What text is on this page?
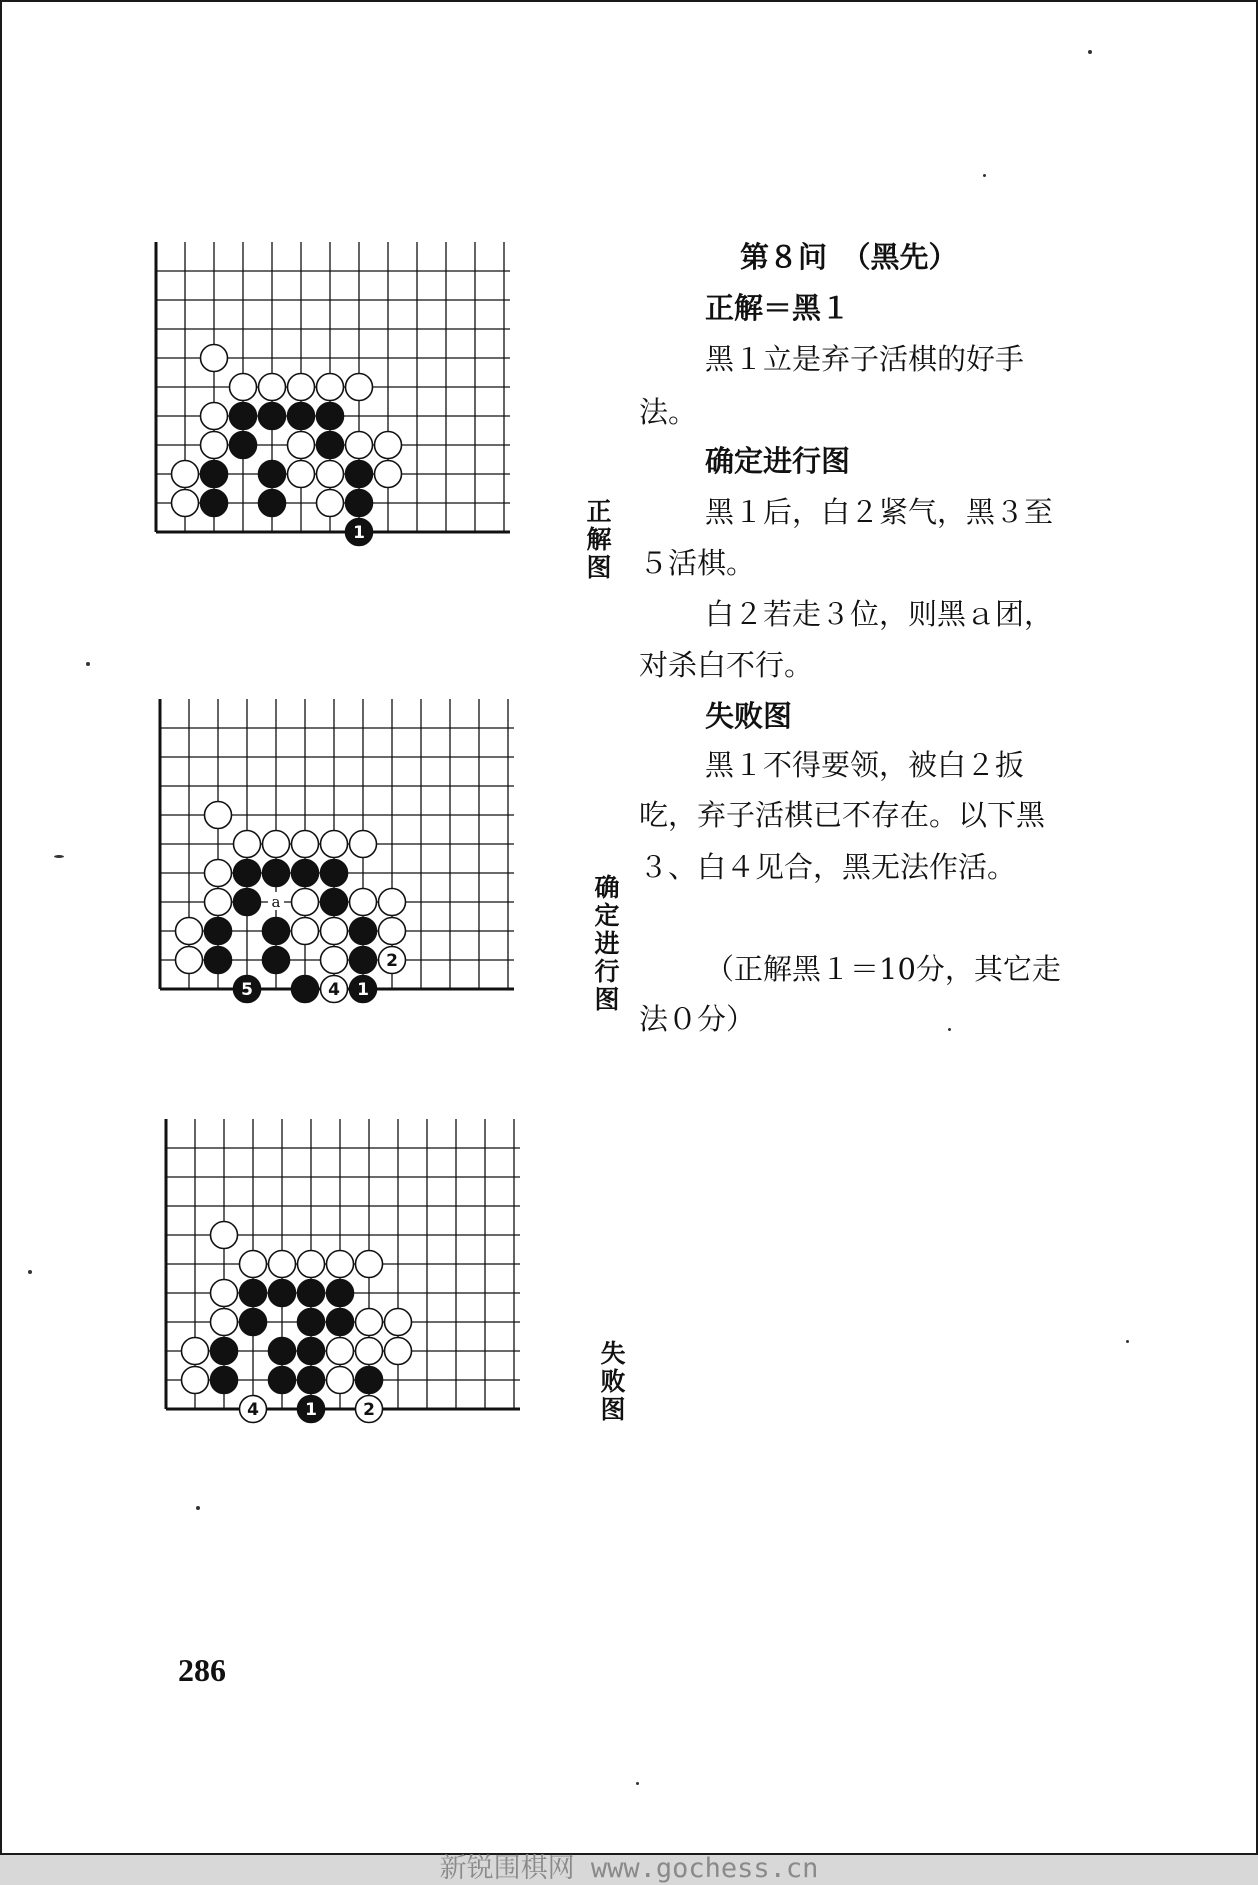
1
正
解
图
a
2
5	4 1
确
定
进
行
图
4	1	2
失
败
图
第８问　（黑先）
正解＝黑１
黑１立是弃子活棋的好手
法。
确定进行图
黑１后，白２紧气，黑３至
５活棋。
白２若走３位，则黑ａ团，
对杀白不行。
失败图
黑１不得要领，被白２扳
吃，弃子活棋已不存在。以下黑
３、白４见合，黑无法作活。
（正解黑１＝10分，其它走
法０分）
286
新锐围棋网 www.gochess.cn
